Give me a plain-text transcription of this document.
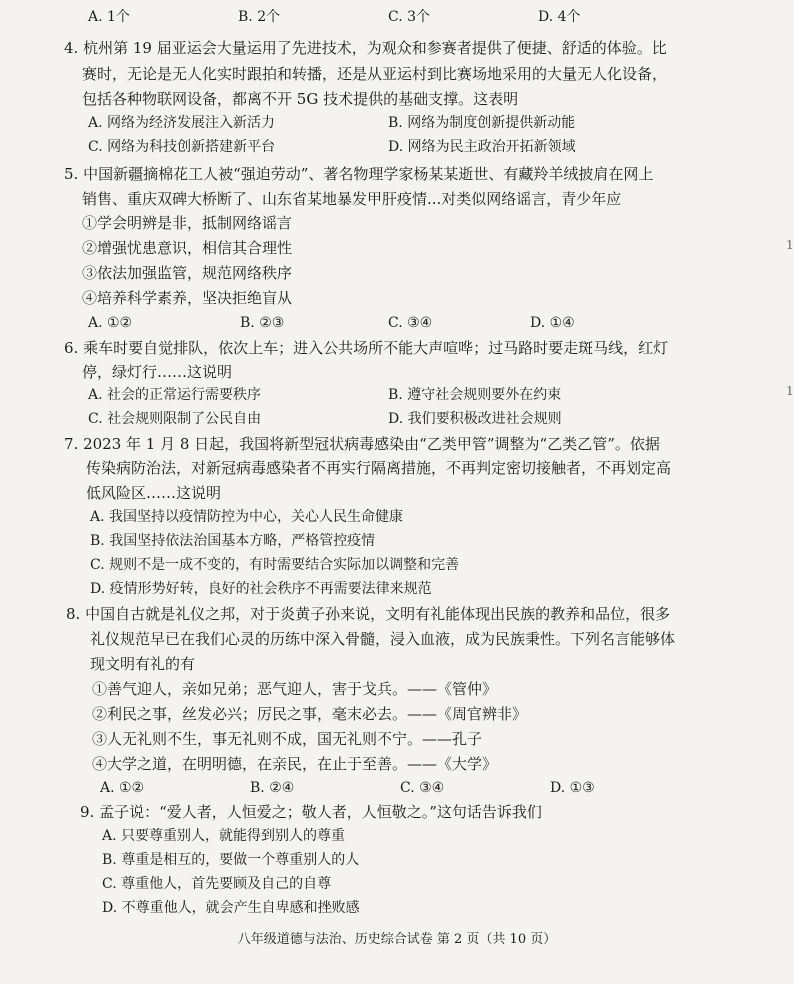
A. 1个	B. 2个	C. 3个	D. 4个
4. 杭州第 19 届亚运会大量运用了先进技术，为观众和参赛者提供了便捷、舒适的体验。比
赛时，无论是无人化实时跟拍和转播，还是从亚运村到比赛场地采用的大量无人化设备，
包括各种物联网设备，都离不开 5G 技术提供的基础支撑。这表明
A. 网络为经济发展注入新活力	B. 网络为制度创新提供新动能
C. 网络为科技创新搭建新平台	D. 网络为民主政治开拓新领域
5. 中国新疆摘棉花工人被“强迫劳动”、著名物理学家杨某某逝世、有藏羚羊绒披肩在网上
销售、重庆双碑大桥断了、山东省某地暴发甲肝疫情...对类似网络谣言，青少年应
①学会明辨是非，抵制网络谣言
②增强忧患意识，相信其合理性
③依法加强监管，规范网络秩序
④培养科学素养，坚决拒绝盲从
A. ①②	B. ②③	C. ③④	D. ①④
6. 乘车时要自觉排队，依次上车；进入公共场所不能大声喧哗；过马路时要走斑马线，红灯
停，绿灯行……这说明
A. 社会的正常运行需要秩序	B. 遵守社会规则要外在约束
C. 社会规则限制了公民自由	D. 我们要积极改进社会规则
7. 2023 年 1 月 8 日起，我国将新型冠状病毒感染由“乙类甲管”调整为“乙类乙管”。依据
传染病防治法，对新冠病毒感染者不再实行隔离措施，不再判定密切接触者，不再划定高
低风险区……这说明
A. 我国坚持以疫情防控为中心，关心人民生命健康
B. 我国坚持依法治国基本方略，严格管控疫情
C. 规则不是一成不变的，有时需要结合实际加以调整和完善
D. 疫情形势好转，良好的社会秩序不再需要法律来规范
8. 中国自古就是礼仪之邦，对于炎黄子孙来说，文明有礼能体现出民族的教养和品位，很多
礼仪规范早已在我们心灵的历练中深入骨髓，浸入血液，成为民族秉性。下列名言能够体
现文明有礼的有
①善气迎人，亲如兄弟；恶气迎人，害于戈兵。——《管仲》
②利民之事，丝发必兴；厉民之事，毫末必去。——《周官辨非》
③人无礼则不生，事无礼则不成，国无礼则不宁。——孔子
④大学之道，在明明德，在亲民，在止于至善。——《大学》
A. ①②	B. ②④	C. ③④	D. ①③
9. 孟子说：“爱人者，人恒爱之；敬人者，人恒敬之。”这句话告诉我们
A. 只要尊重别人，就能得到别人的尊重
B. 尊重是相互的，要做一个尊重别人的人
C. 尊重他人，首先要顾及自己的自尊
D. 不尊重他人，就会产生自卑感和挫败感
八年级道德与法治、历史综合试卷 第 2 页（共 10 页）
1
1
